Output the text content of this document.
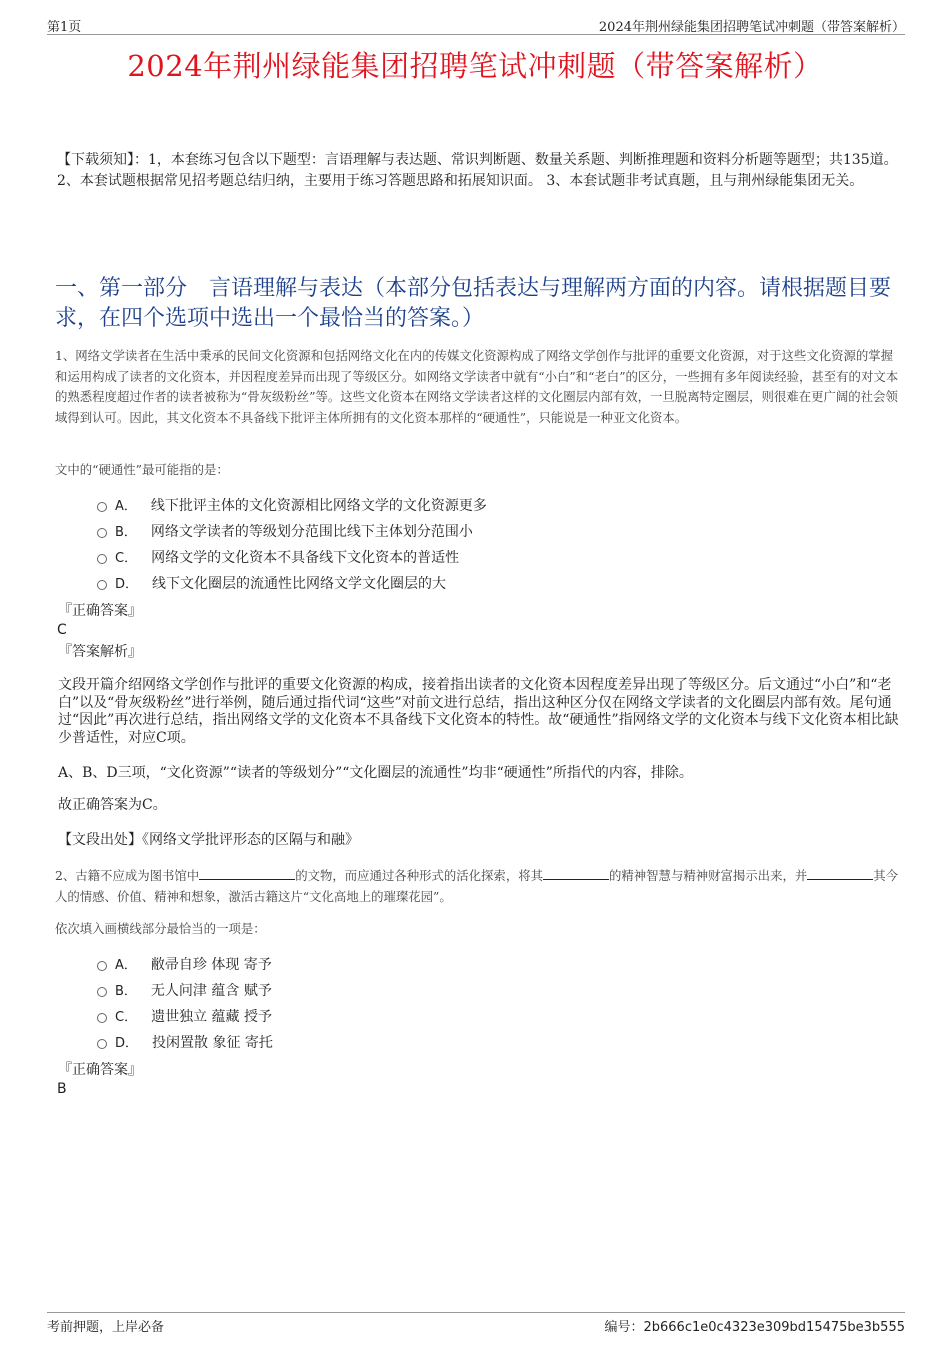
第1页	2024年荆州绿能集团招聘笔试冲刺题（带答案解析）
2024年荆州绿能集团招聘笔试冲刺题（带答案解析）
【下载须知】：1，本套练习包含以下题型：言语理解与表达题、常识判断题、数量关系题、判断推理题和资料分析题等题型；共135道。 2、本套试题根据常见招考题总结归纳，主要用于练习答题思路和拓展知识面。 3、本套试题非考试真题，且与荆州绿能集团无关。
一、第一部分　言语理解与表达（本部分包括表达与理解两方面的内容。请根据题目要求，在四个选项中选出一个最恰当的答案。）
1、网络文学读者在生活中秉承的民间文化资源和包括网络文化在内的传媒文化资源构成了网络文学创作与批评的重要文化资源，对于这些文化资源的掌握和运用构成了读者的文化资本，并因程度差异而出现了等级区分。如网络文学读者中就有“小白”和“老白”的区分，一些拥有多年阅读经验，甚至有的对文本的熟悉程度超过作者的读者被称为“骨灰级粉丝”等。这些文化资本在网络文学读者这样的文化圈层内部有效，一旦脱离特定圈层，则很难在更广阔的社会领域得到认可。因此，其文化资本不具备线下批评主体所拥有的文化资本那样的“硬通性”，只能说是一种亚文化资本。
文中的“硬通性”最可能指的是：
A． 线下批评主体的文化资源相比网络文学的文化资源更多
B． 网络文学读者的等级划分范围比线下主体划分范围小
C． 网络文学的文化资本不具备线下文化资本的普适性
D． 线下文化圈层的流通性比网络文学文化圈层的大
『正确答案』
C
『答案解析』
文段开篇介绍网络文学创作与批评的重要文化资源的构成，接着指出读者的文化资本因程度差异出现了等级区分。后文通过“小白”和“老白”以及“骨灰级粉丝”进行举例，随后通过指代词“这些”对前文进行总结，指出这种区分仅在网络文学读者的文化圈层内部有效。尾句通过“因此”再次进行总结，指出网络文学的文化资本不具备线下文化资本的特性。故“硬通性”指网络文学的文化资本与线下文化资本相比缺少普适性，对应C项。
A、B、D三项，“文化资源”“读者的等级划分”“文化圈层的流通性”均非“硬通性”所指代的内容，排除。
故正确答案为C。
【文段出处】《网络文学批评形态的区隔与和融》
2、古籍不应成为图书馆中	的文物，而应通过各种形式的活化探索，将其	的精神智慧与精神财富揭示出来，并	其今人的情感、价值、精神和想象，激活古籍这片“文化高地上的璀璨花园”。
依次填入画横线部分最恰当的一项是：
A． 敝帚自珍 体现 寄予
B． 无人问津 蕴含 赋予
C． 遗世独立 蕴藏 授予
D． 投闲置散 象征 寄托
『正确答案』
B
考前押题，上岸必备	编号：2b666c1e0c4323e309bd15475be3b555
